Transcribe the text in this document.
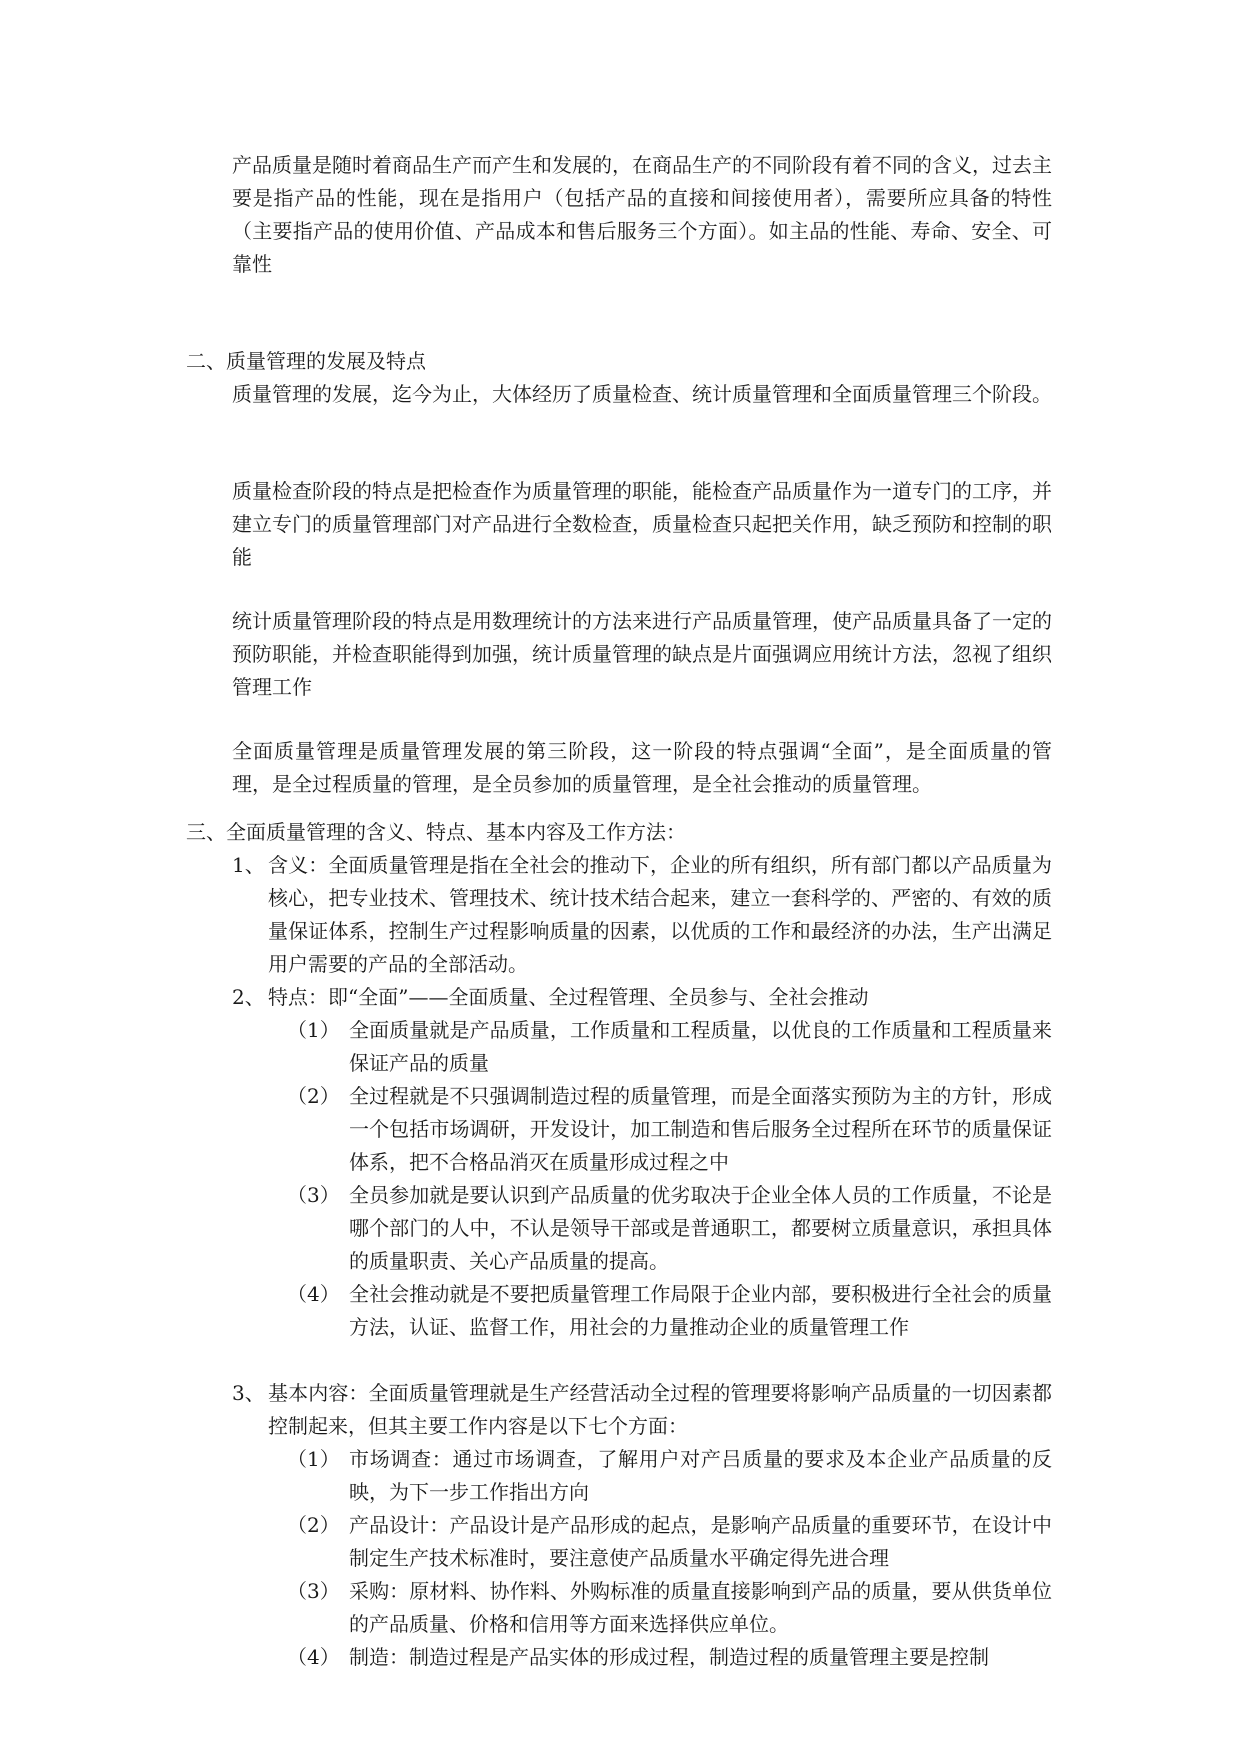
产品质量是随时着商品生产而产生和发展的，在商品生产的不同阶段有着不同的含义，过去主要是指产品的性能，现在是指用户（包括产品的直接和间接使用者），需要所应具备的特性（主要指产品的使用价值、产品成本和售后服务三个方面）。如主品的性能、寿命、安全、可靠性

二、质量管理的发展及特点

质量管理的发展，迄今为止，大体经历了质量检查、统计质量管理和全面质量管理三个阶段。

质量检查阶段的特点是把检查作为质量管理的职能，能检查产品质量作为一道专门的工序，并建立专门的质量管理部门对产品进行全数检查，质量检查只起把关作用，缺乏预防和控制的职能

统计质量管理阶段的特点是用数理统计的方法来进行产品质量管理，使产品质量具备了一定的预防职能，并检查职能得到加强，统计质量管理的缺点是片面强调应用统计方法，忽视了组织管理工作

全面质量管理是质量管理发展的第三阶段，这一阶段的特点强调“全面”，是全面质量的管理，是全过程质量的管理，是全员参加的质量管理，是全社会推动的质量管理。

三、全面质量管理的含义、特点、基本内容及工作方法：

1、 含义：全面质量管理是指在全社会的推动下，企业的所有组织，所有部门都以产品质量为核心，把专业技术、管理技术、统计技术结合起来，建立一套科学的、严密的、有效的质量保证体系，控制生产过程影响质量的因素，以优质的工作和最经济的办法，生产出满足用户需要的产品的全部活动。

2、 特点：即“全面”——全面质量、全过程管理、全员参与、全社会推动

（1） 全面质量就是产品质量，工作质量和工程质量，以优良的工作质量和工程质量来保证产品的质量

（2） 全过程就是不只强调制造过程的质量管理，而是全面落实预防为主的方针，形成一个包括市场调研，开发设计，加工制造和售后服务全过程所在环节的质量保证体系，把不合格品消灭在质量形成过程之中

（3） 全员参加就是要认识到产品质量的优劣取决于企业全体人员的工作质量，不论是哪个部门的人中，不认是领导干部或是普通职工，都要树立质量意识，承担具体的质量职责、关心产品质量的提高。

（4） 全社会推动就是不要把质量管理工作局限于企业内部，要积极进行全社会的质量方法，认证、监督工作，用社会的力量推动企业的质量管理工作

3、 基本内容：全面质量管理就是生产经营活动全过程的管理要将影响产品质量的一切因素都控制起来，但其主要工作内容是以下七个方面：

（1） 市场调查：通过市场调查，了解用户对产吕质量的要求及本企业产品质量的反映，为下一步工作指出方向

（2） 产品设计：产品设计是产品形成的起点，是影响产品质量的重要环节，在设计中制定生产技术标准时，要注意使产品质量水平确定得先进合理

（3） 采购：原材料、协作料、外购标准的质量直接影响到产品的质量，要从供货单位的产品质量、价格和信用等方面来选择供应单位。

（4） 制造：制造过程是产品实体的形成过程，制造过程的质量管理主要是控制
